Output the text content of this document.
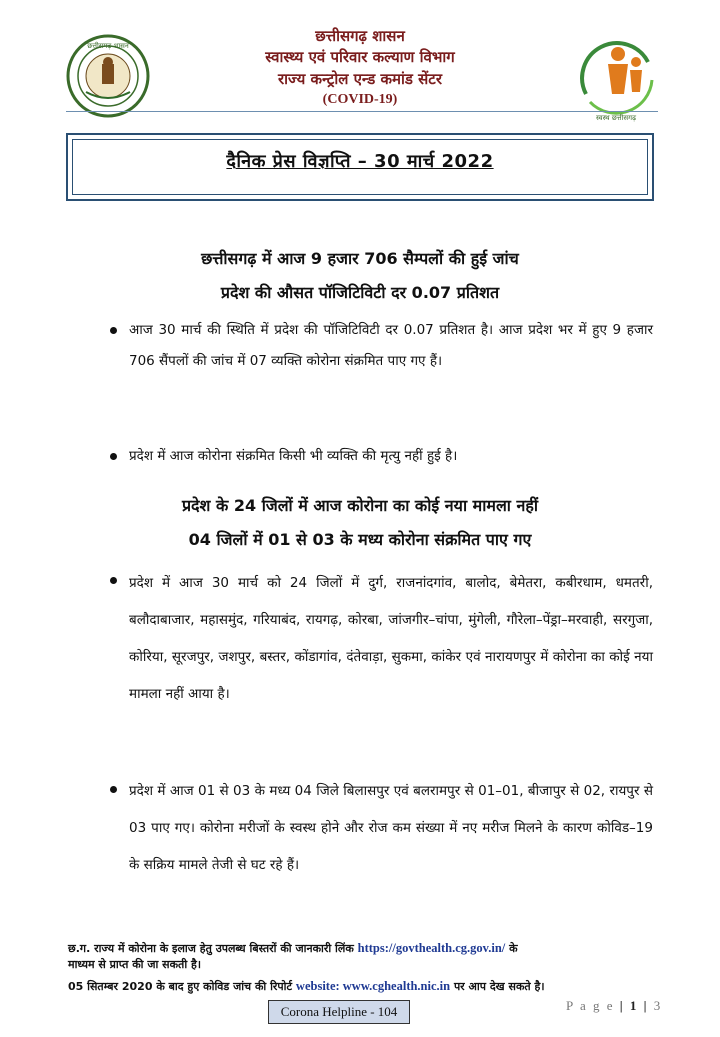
छत्तीसगढ़ शासन
छत्तीसगढ़ शासन
स्वास्थ्य एवं परिवार कल्याण विभाग
राज्य कन्ट्रोल एन्ड कमांड सेंटर
(COVID-19)
स्वस्थ छत्तीसगढ़
दैनिक प्रेस विज्ञप्ति – 30 मार्च 2022
छत्तीसगढ़ में आज 9 हजार 706 सैम्पलों की हुई जांच
प्रदेश की औसत पॉजिटिविटी दर 0.07 प्रतिशत
आज 30 मार्च की स्थिति में प्रदेश की पॉजिटिविटी दर 0.07 प्रतिशत है। आज प्रदेश भर में हुए 9 हजार 706 सैंपलों की जांच में 07 व्यक्ति कोरोना संक्रमित पाए गए हैं।
प्रदेश में आज कोरोना संक्रमित किसी भी व्यक्ति की मृत्यु नहीं हुई है।
प्रदेश के 24 जिलों में आज कोरोना का कोई नया मामला नहीं
04 जिलों में 01 से 03 के मध्य कोरोना संक्रमित पाए गए
प्रदेश में आज 30 मार्च को 24 जिलों में दुर्ग, राजनांदगांव, बालोद, बेमेतरा, कबीरधाम, धमतरी, बलौदाबाजार, महासमुंद, गरियाबंद, रायगढ़, कोरबा, जांजगीर–चांपा, मुंगेली, गौरेला–पेंड्रा–मरवाही, सरगुजा, कोरिया, सूरजपुर, जशपुर, बस्तर, कोंडागांव, दंतेवाड़ा, सुकमा, कांकेर एवं नारायणपुर में कोरोना का कोई नया मामला नहीं आया है।
प्रदेश में आज 01 से 03 के मध्य 04 जिले बिलासपुर एवं बलरामपुर से 01–01, बीजापुर से 02, रायपुर से 03 पाए गए। कोरोना मरीजों के स्वस्थ होने और रोज कम संख्या में नए मरीज मिलने के कारण कोविड–19 के सक्रिय मामले तेजी से घट रहे हैं।
छ.ग. राज्य में कोरोना के इलाज हेतु उपलब्ध बिस्तरों की जानकारी लिंक https://govthealth.cg.gov.in/ के
माध्यम से प्राप्त की जा सकती है।
05 सितम्बर 2020 के बाद हुए कोविड जांच की रिपोर्ट website: www.cghealth.nic.in पर आप देख सकते है।
Corona Helpline - 104	P a g e | 1 | 3
